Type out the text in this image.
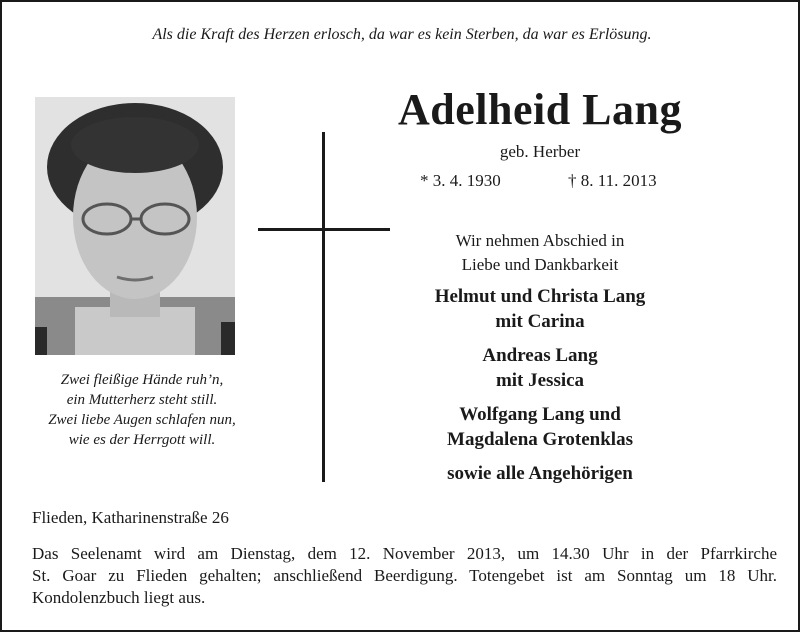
Als die Kraft des Herzen erlosch, da war es kein Sterben, da war es Erlösung.
Zwei fleißige Hände ruh’n,
ein Mutterherz steht still.
Zwei liebe Augen schlafen nun,
wie es der Herrgott will.
Adelheid Lang
geb. Herber
* 3. 4. 1930	† 8. 11. 2013
Wir nehmen Abschied in
Liebe und Dankbarkeit
Helmut und Christa Lang
mit Carina
Andreas Lang
mit Jessica
Wolfgang Lang und
Magdalena Grotenklas
sowie alle Angehörigen
Flieden, Katharinenstraße 26
Das Seelenamt wird am Dienstag, dem 12. November 2013, um 14.30 Uhr in der Pfarrkirche
St. Goar zu Flieden gehalten; anschließend Beerdigung. Totengebet ist am Sonntag um 18 Uhr.
Kondolenzbuch liegt aus.
